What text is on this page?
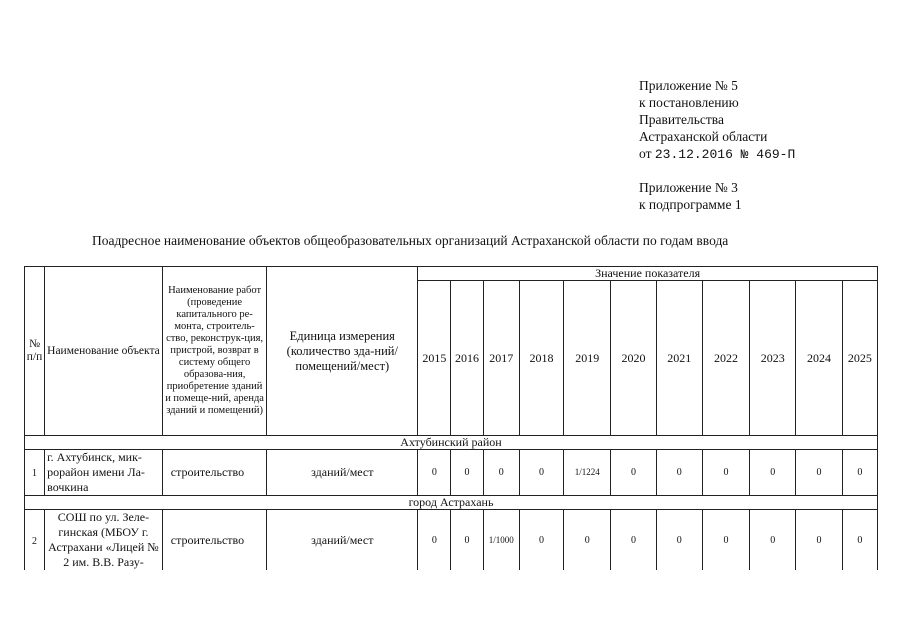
Приложение № 5
к постановлению
Правительства
Астраханской области
от 23.12.2016 № 469-П
Приложение № 3
к подпрограмме 1
Поадресное наименование объектов общеобразовательных организаций Астраханской области по годам ввода
№
п/п	Наименование объекта	Наименование работ (проведение капитального ре-монта, строитель-ство, реконструк-ция, пристрой, возврат в систему общего образова-ния, приобретение зданий и помеще-ний, аренда зданий и помещений)	Единица измерения (количество зда-ний/помещений/мест)	Значение показателя										
				2015	2016	2017	2018	2019	2020	2021	2022	2023	2024	2025
Ахтубинский район														
1	г. Ахтубинск, мик-рорайон имени Ла-вочкина	строительство	зданий/мест	0	0	0	0	1/1224	0	0	0	0	0	0
город Астрахань														
2	СОШ по ул. Зеле-гинская (МБОУ г. Астрахани «Лицей № 2 им. В.В. Разу-	строительство	зданий/мест	0	0	1/1000	0	0	0	0	0	0	0	0
